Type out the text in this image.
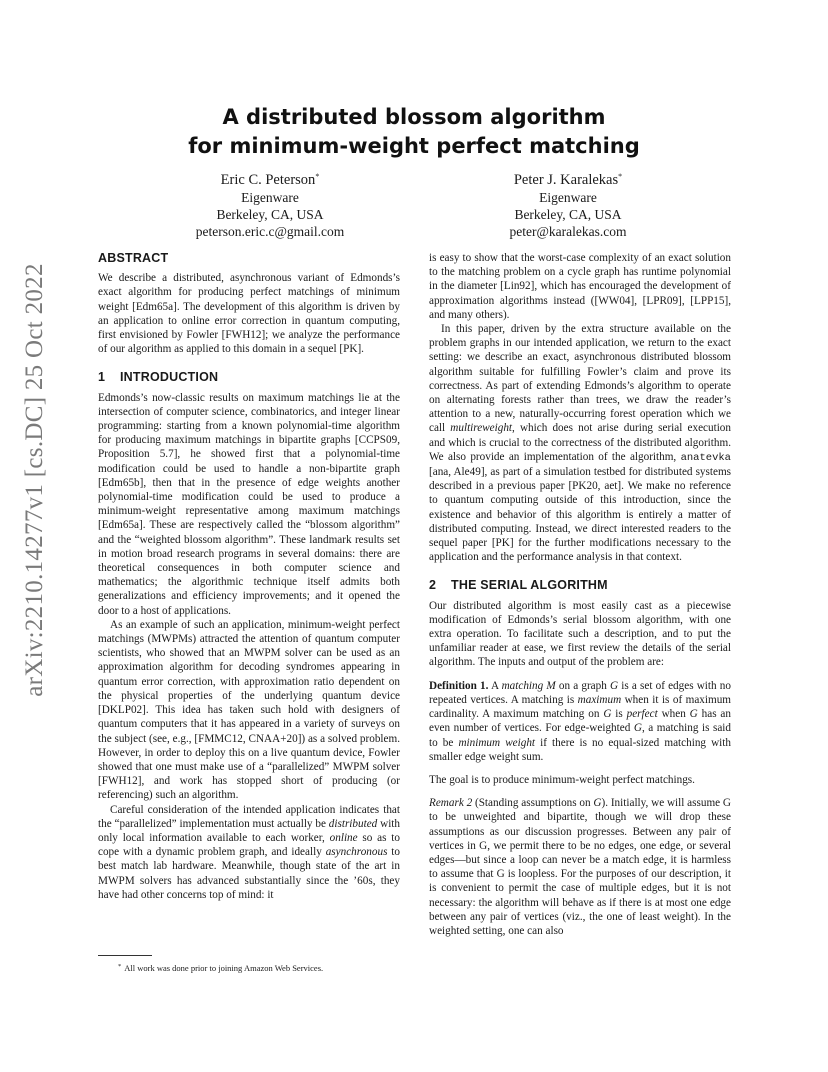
arXiv:2210.14277v1 [cs.DC] 25 Oct 2022
A distributed blossom algorithm
for minimum-weight perfect matching
Eric C. Peterson*
Eigenware
Berkeley, CA, USA
peterson.eric.c@gmail.com
Peter J. Karalekas*
Eigenware
Berkeley, CA, USA
peter@karalekas.com
ABSTRACT

We describe a distributed, asynchronous variant of Edmonds’s exact algorithm for producing perfect matchings of minimum weight [Edm65a]. The development of this algorithm is driven by an application to online error correction in quantum computing, first envisioned by Fowler [FWH12]; we analyze the performance of our algorithm as applied to this domain in a sequel [PK].

1 INTRODUCTION

Edmonds’s now-classic results on maximum matchings lie at the intersection of computer science, combinatorics, and integer linear programming: starting from a known polynomial-time algorithm for producing maximum matchings in bipartite graphs [CCPS09, Proposition 5.7], he showed first that a polynomial-time modification could be used to handle a non-bipartite graph [Edm65b], then that in the presence of edge weights another polynomial-time modification could be used to produce a minimum-weight representative among maximum matchings [Edm65a]. These are respectively called the “blossom algorithm” and the “weighted blossom algorithm”. These landmark results set in motion broad research programs in several domains: there are theoretical consequences in both computer science and mathematics; the algorithmic technique itself admits both generalizations and efficiency improvements; and it opened the door to a host of applications.

As an example of such an application, minimum-weight perfect matchings (MWPMs) attracted the attention of quantum computer scientists, who showed that an MWPM solver can be used as an approximation algorithm for decoding syndromes appearing in quantum error correction, with approximation ratio dependent on the physical properties of the underlying quantum device [DKLP02]. This idea has taken such hold with designers of quantum computers that it has appeared in a variety of surveys on the subject (see, e.g., [FMMC12, CNAA+20]) as a solved problem. However, in order to deploy this on a live quantum device, Fowler showed that one must make use of a “parallelized” MWPM solver [FWH12], and work has stopped short of producing (or referencing) such an algorithm.

Careful consideration of the intended application indicates that the “parallelized” implementation must actually be distributed with only local information available to each worker, online so as to cope with a dynamic problem graph, and ideally asynchronous to best match lab hardware. Meanwhile, though state of the art in MWPM solvers has advanced substantially since the ’60s, they have had other concerns top of mind: it

* All work was done prior to joining Amazon Web Services.

is easy to show that the worst-case complexity of an exact solution to the matching problem on a cycle graph has runtime polynomial in the diameter [Lin92], which has encouraged the development of approximation algorithms instead ([WW04], [LPR09], [LPP15], and many others).

In this paper, driven by the extra structure available on the problem graphs in our intended application, we return to the exact setting: we describe an exact, asynchronous distributed blossom algorithm suitable for fulfilling Fowler’s claim and prove its correctness. As part of extending Edmonds’s algorithm to operate on alternating forests rather than trees, we draw the reader’s attention to a new, naturally-occurring forest operation which we call multireweight, which does not arise during serial execution and which is crucial to the correctness of the distributed algorithm. We also provide an implementation of the algorithm, anatevka [ana, Ale49], as part of a simulation testbed for distributed systems described in a previous paper [PK20, aet]. We make no reference to quantum computing outside of this introduction, since the existence and behavior of this algorithm is entirely a matter of distributed computing. Instead, we direct interested readers to the sequel paper [PK] for the further modifications necessary to the application and the performance analysis in that context.

2 THE SERIAL ALGORITHM

Our distributed algorithm is most easily cast as a piecewise modification of Edmonds’s serial blossom algorithm, with one extra operation. To facilitate such a description, and to put the unfamiliar reader at ease, we first review the details of the serial algorithm. The inputs and output of the problem are:

Definition 1. A matching M on a graph G is a set of edges with no repeated vertices. A matching is maximum when it is of maximum cardinality. A maximum matching on G is perfect when G has an even number of vertices. For edge-weighted G, a matching is said to be minimum weight if there is no equal-sized matching with smaller edge weight sum.

The goal is to produce minimum-weight perfect matchings.

Remark 2 (Standing assumptions on G). Initially, we will assume G to be unweighted and bipartite, though we will drop these assumptions as our discussion progresses. Between any pair of vertices in G, we permit there to be no edges, one edge, or several edges—but since a loop can never be a match edge, it is harmless to assume that G is loopless. For the purposes of our description, it is convenient to permit the case of multiple edges, but it is not necessary: the algorithm will behave as if there is at most one edge between any pair of vertices (viz., the one of least weight). In the weighted setting, one can also
